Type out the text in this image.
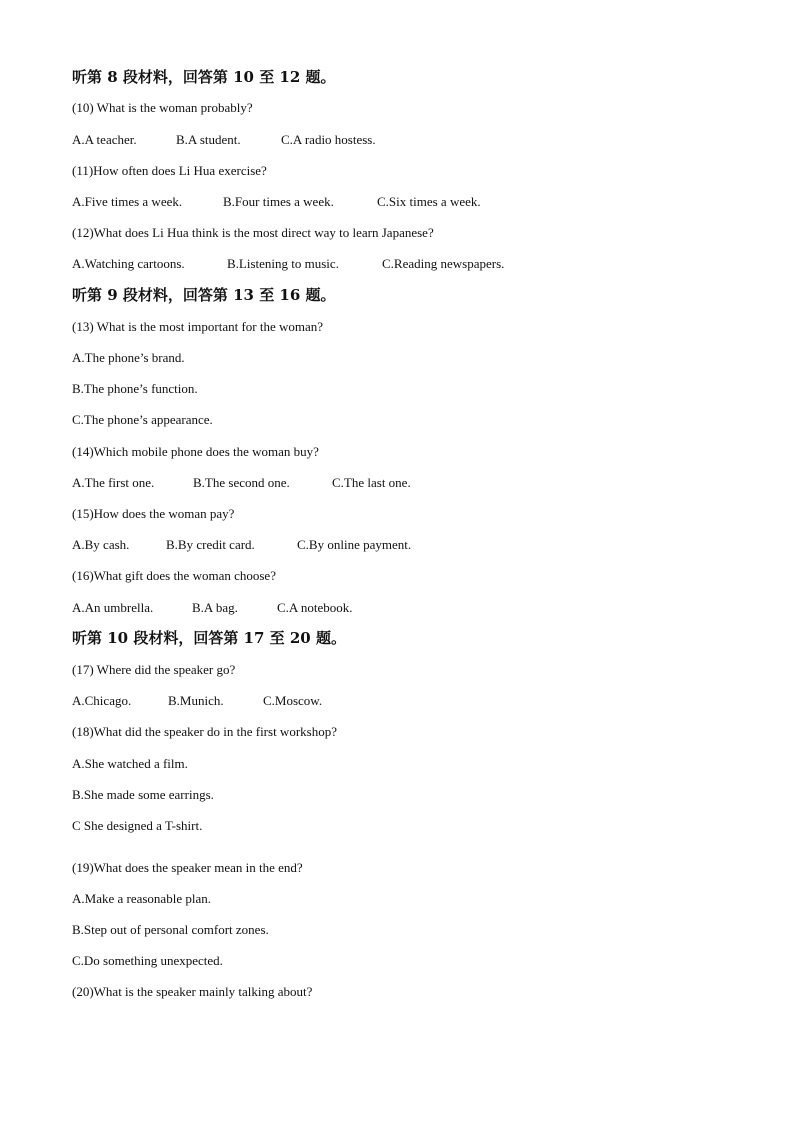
听第 8 段材料，回答第 10 至 12 题。
(10) What is the woman probably?
A.A teacher.	B.A student.	C.A radio hostess.
(11)How often does Li Hua exercise?
A.Five times a week.	B.Four times a week.	C.Six times a week.
(12)What does Li Hua think is the most direct way to learn Japanese?
A.Watching cartoons.	B.Listening to music.	C.Reading newspapers.
听第 9 段材料，回答第 13 至 16 题。
(13) What is the most important for the woman?
A.The phone’s brand.
B.The phone’s function.
C.The phone’s appearance.
(14)Which mobile phone does the woman buy?
A.The first one.	B.The second one.	C.The last one.
(15)How does the woman pay?
A.By cash.	B.By credit card.	C.By online payment.
(16)What gift does the woman choose?
A.An umbrella.	B.A bag.	C.A notebook.
听第 10 段材料，回答第 17 至 20 题。
(17) Where did the speaker go?
A.Chicago.	B.Munich.	C.Moscow.
(18)What did the speaker do in the first workshop?
A.She watched a film.
B.She made some earrings.
C She designed a T-shirt.
(19)What does the speaker mean in the end?
A.Make a reasonable plan.
B.Step out of personal comfort zones.
C.Do something unexpected.
(20)What is the speaker mainly talking about?
